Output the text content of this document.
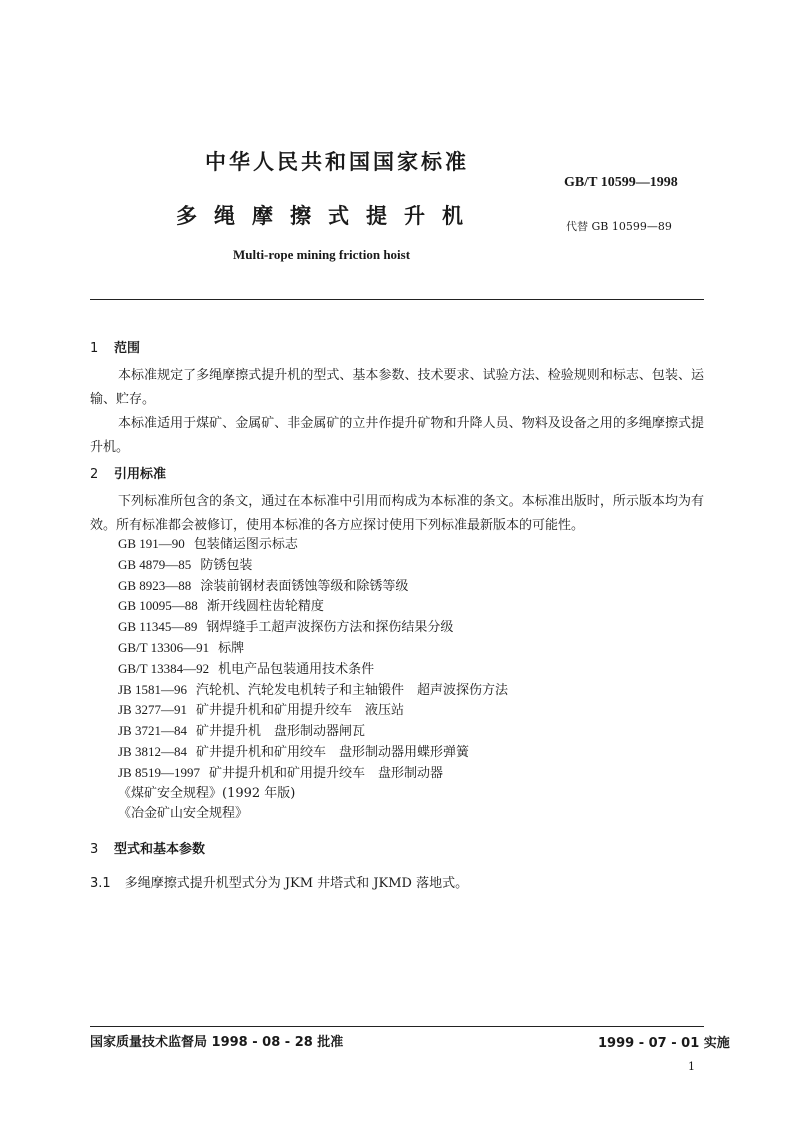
中华人民共和国国家标准
GB/T 10599—1998
多绳摩擦式提升机	代替 GB 10599—89
Multi-rope mining friction hoist
1 范围
本标准规定了多绳摩擦式提升机的型式、基本参数、技术要求、试验方法、检验规则和标志、包装、运输、贮存。
本标准适用于煤矿、金属矿、非金属矿的立井作提升矿物和升降人员、物料及设备之用的多绳摩擦式提升机。
2 引用标准
下列标准所包含的条文，通过在本标准中引用而构成为本标准的条文。本标准出版时，所示版本均为有效。所有标准都会被修订，使用本标准的各方应探讨使用下列标准最新版本的可能性。
GB 191—90 包装储运图示标志
GB 4879—85 防锈包装
GB 8923—88 涂装前钢材表面锈蚀等级和除锈等级
GB 10095—88 渐开线圆柱齿轮精度
GB 11345—89 钢焊缝手工超声波探伤方法和探伤结果分级
GB/T 13306—91 标牌
GB/T 13384—92 机电产品包装通用技术条件
JB 1581—96 汽轮机、汽轮发电机转子和主轴锻件　超声波探伤方法
JB 3277—91 矿井提升机和矿用提升绞车　液压站
JB 3721—84 矿井提升机　盘形制动器闸瓦
JB 3812—84 矿井提升机和矿用绞车　盘形制动器用蝶形弹簧
JB 8519—1997 矿井提升机和矿用提升绞车　盘形制动器
《煤矿安全规程》(1992 年版)
《冶金矿山安全规程》
3 型式和基本参数
3.1 多绳摩擦式提升机型式分为 JKM 井塔式和 JKMD 落地式。
国家质量技术监督局 1998 - 08 - 28 批准	1999 - 07 - 01 实施
1
